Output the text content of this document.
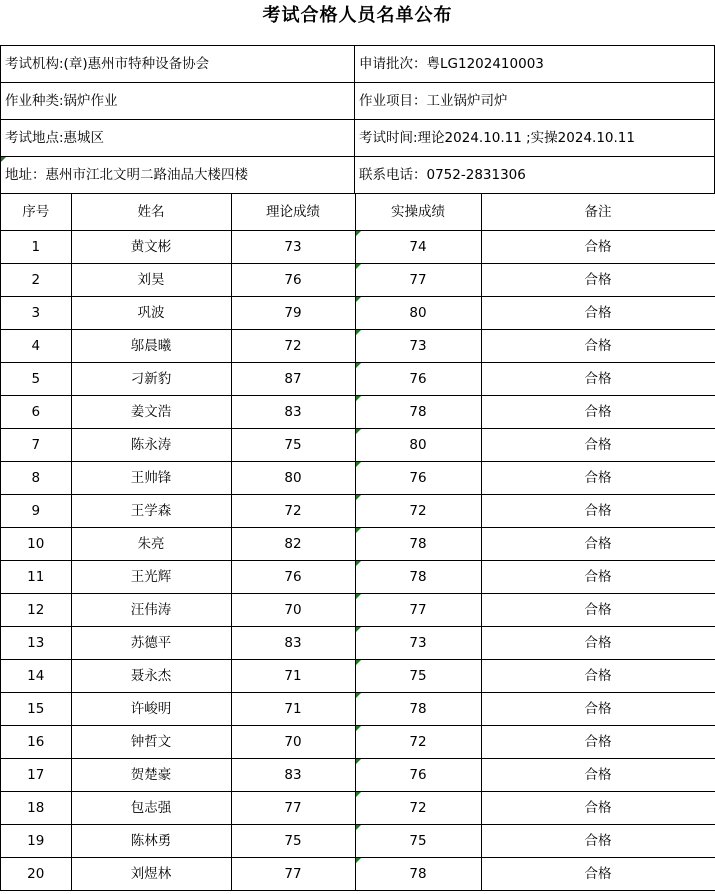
考试合格人员名单公布
考试机构:(章)惠州市特种设备协会	申请批次：粤LG1202410003
作业种类:锅炉作业	作业项目：工业锅炉司炉
考试地点:惠城区	考试时间:理论2024.10.11 ;实操2024.10.11
地址：惠州市江北文明二路油品大楼四楼	联系电话：0752-2831306
序号	姓名	理论成绩	实操成绩	备注
1	黄文彬	73	74	合格
2	刘昊	76	77	合格
3	巩波	79	80	合格
4	邬晨曦	72	73	合格
5	刁新豹	87	76	合格
6	姜文浩	83	78	合格
7	陈永涛	75	80	合格
8	王帅锋	80	76	合格
9	王学森	72	72	合格
10	朱亮	82	78	合格
11	王光辉	76	78	合格
12	汪伟涛	70	77	合格
13	苏德平	83	73	合格
14	聂永杰	71	75	合格
15	许峻明	71	78	合格
16	钟哲文	70	72	合格
17	贺楚豪	83	76	合格
18	包志强	77	72	合格
19	陈林勇	75	75	合格
20	刘煜林	77	78	合格
